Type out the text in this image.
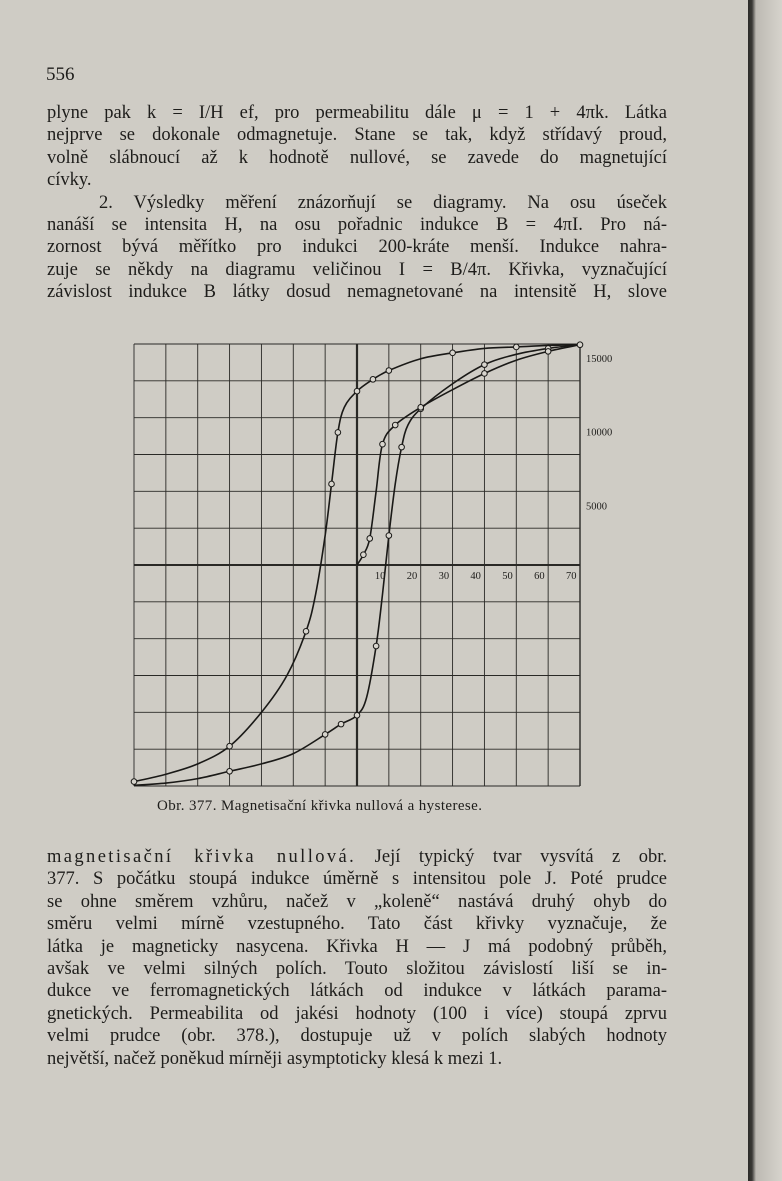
556
plyne pak k = I/H ef, pro permeabilitu dále μ = 1 + 4πk. Látka
nejprve se dokonale odmagnetuje. Stane se tak, když střídavý proud,
volně slábnoucí až k hodnotě nullové, se zavede do magnetující
cívky.
2. Výsledky měření znázorňují se diagramy. Na osu úseček
nanáší se intensita H, na osu pořadnic indukce B = 4πI. Pro ná-
zornost bývá měřítko pro indukci 200-kráte menší. Indukce nahra-
zuje se někdy na diagramu veličinou I = B/4π. Křivka, vyznačující
závislost indukce B látky dosud nemagnetované na intensitě H, slove
15000
10000
5000
10 20 30 40 50 60 70
Obr. 377. Magnetisační křivka nullová a hysterese.
magnetisační křivka nullová. Její typický tvar vysvítá z obr.
377. S počátku stoupá indukce úměrně s intensitou pole J. Poté prudce
se ohne směrem vzhůru, načež v „koleně“ nastává druhý ohyb do
směru velmi mírně vzestupného. Tato část křivky vyznačuje, že
látka je magneticky nasycena. Křivka H — J má podobný průběh,
avšak ve velmi silných polích. Touto složitou závislostí liší se in-
dukce ve ferromagnetických látkách od indukce v látkách parama-
gnetických. Permeabilita od jakési hodnoty (100 i více) stoupá zprvu
velmi prudce (obr. 378.), dostupuje už v polích slabých hodnoty
největší, načež poněkud mírněji asymptoticky klesá k mezi 1.
